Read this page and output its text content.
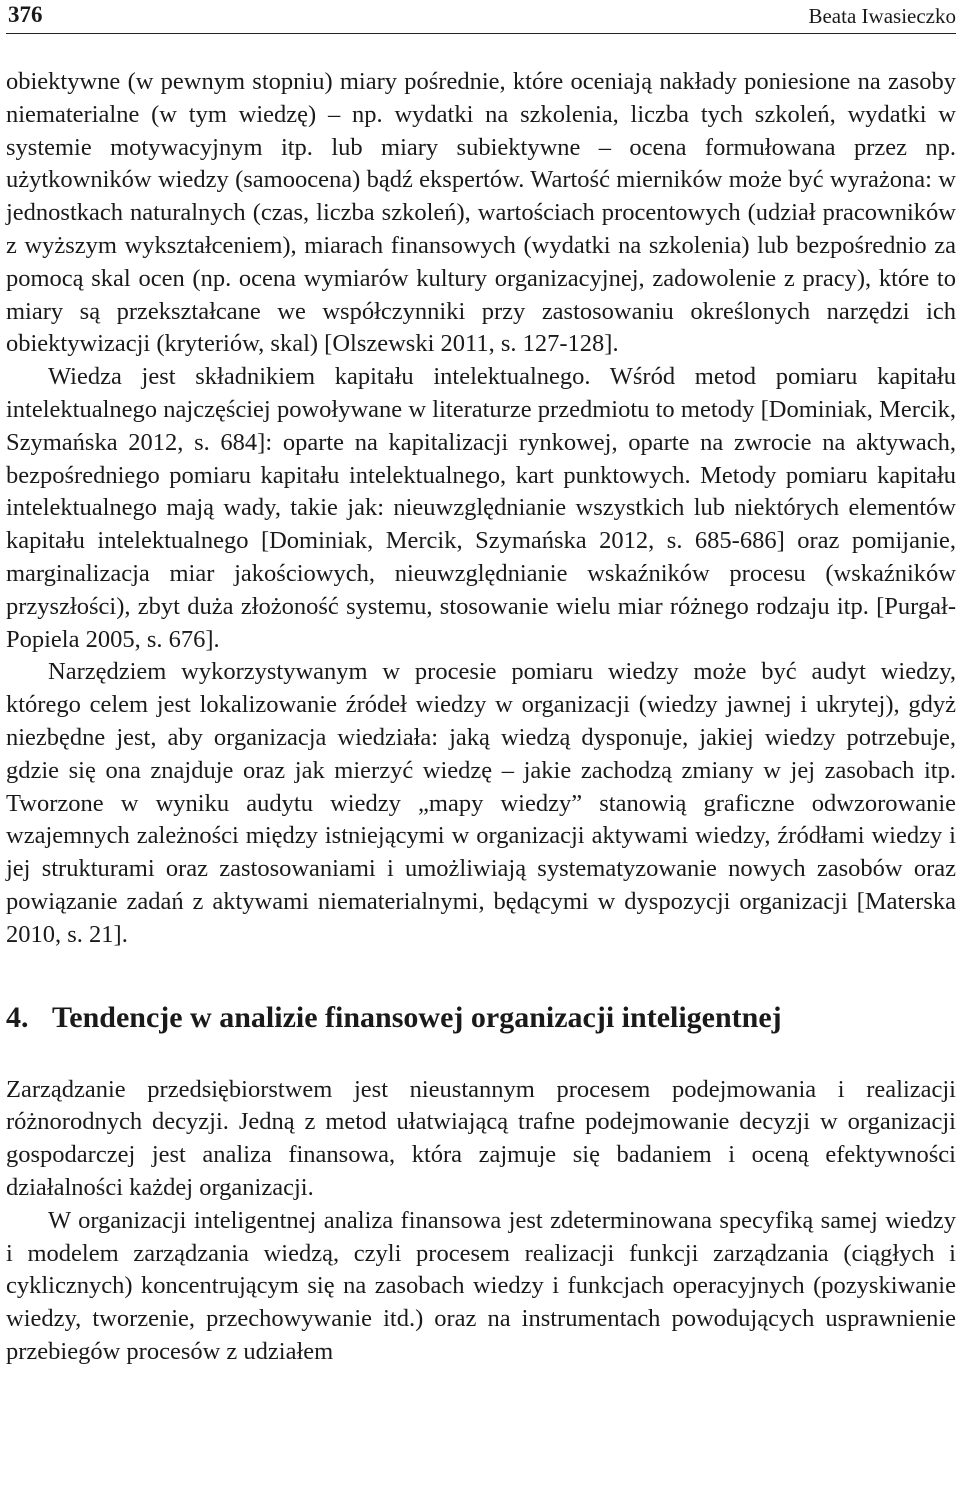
376	Beata Iwasieczko

obiektywne (w pewnym stopniu) miary pośrednie, które oceniają nakłady poniesione na zasoby niematerialne (w tym wiedzę) – np. wydatki na szkolenia, liczba tych szkoleń, wydatki w systemie motywacyjnym itp. lub miary subiektywne – ocena formułowana przez np. użytkowników wiedzy (samoocena) bądź ekspertów. Wartość mierników może być wyrażona: w jednostkach naturalnych (czas, liczba szkoleń), wartościach procentowych (udział pracowników z wyższym wykształceniem), miarach finansowych (wydatki na szkolenia) lub bezpośrednio za pomocą skal ocen (np. ocena wymiarów kultury organizacyjnej, zadowolenie z pracy), które to miary są przekształcane we współczynniki przy zastosowaniu określonych narzędzi ich obiektywizacji (kryteriów, skal) [Olszewski 2011, s. 127-128].

Wiedza jest składnikiem kapitału intelektualnego. Wśród metod pomiaru kapitału intelektualnego najczęściej powoływane w literaturze przedmiotu to metody [Dominiak, Mercik, Szymańska 2012, s. 684]: oparte na kapitalizacji rynkowej, oparte na zwrocie na aktywach, bezpośredniego pomiaru kapitału intelektualnego, kart punktowych. Metody pomiaru kapitału intelektualnego mają wady, takie jak: nieuwzględnianie wszystkich lub niektórych elementów kapitału intelektualnego [Dominiak, Mercik, Szymańska 2012, s. 685-686] oraz pomijanie, marginalizacja miar jakościowych, nieuwzględnianie wskaźników procesu (wskaźników przyszłości), zbyt duża złożoność systemu, stosowanie wielu miar różnego rodzaju itp. [Purgał-Popiela 2005, s. 676].

Narzędziem wykorzystywanym w procesie pomiaru wiedzy może być audyt wiedzy, którego celem jest lokalizowanie źródeł wiedzy w organizacji (wiedzy jawnej i ukrytej), gdyż niezbędne jest, aby organizacja wiedziała: jaką wiedzą dysponuje, jakiej wiedzy potrzebuje, gdzie się ona znajduje oraz jak mierzyć wiedzę – jakie zachodzą zmiany w jej zasobach itp. Tworzone w wyniku audytu wiedzy „mapy wiedzy” stanowią graficzne odwzorowanie wzajemnych zależności między istniejącymi w organizacji aktywami wiedzy, źródłami wiedzy i jej strukturami oraz zastosowaniami i umożliwiają systematyzowanie nowych zasobów oraz powiązanie zadań z aktywami niematerialnymi, będącymi w dyspozycji organizacji [Materska 2010, s. 21].

4. Tendencje w analizie finansowej organizacji inteligentnej

Zarządzanie przedsiębiorstwem jest nieustannym procesem podejmowania i realizacji różnorodnych decyzji. Jedną z metod ułatwiającą trafne podejmowanie decyzji w organizacji gospodarczej jest analiza finansowa, która zajmuje się badaniem i oceną efektywności działalności każdej organizacji.

W organizacji inteligentnej analiza finansowa jest zdeterminowana specyfiką samej wiedzy i modelem zarządzania wiedzą, czyli procesem realizacji funkcji zarządzania (ciągłych i cyklicznych) koncentrującym się na zasobach wiedzy i funkcjach operacyjnych (pozyskiwanie wiedzy, tworzenie, przechowywanie itd.) oraz na instrumentach powodujących usprawnienie przebiegów procesów z udziałem
